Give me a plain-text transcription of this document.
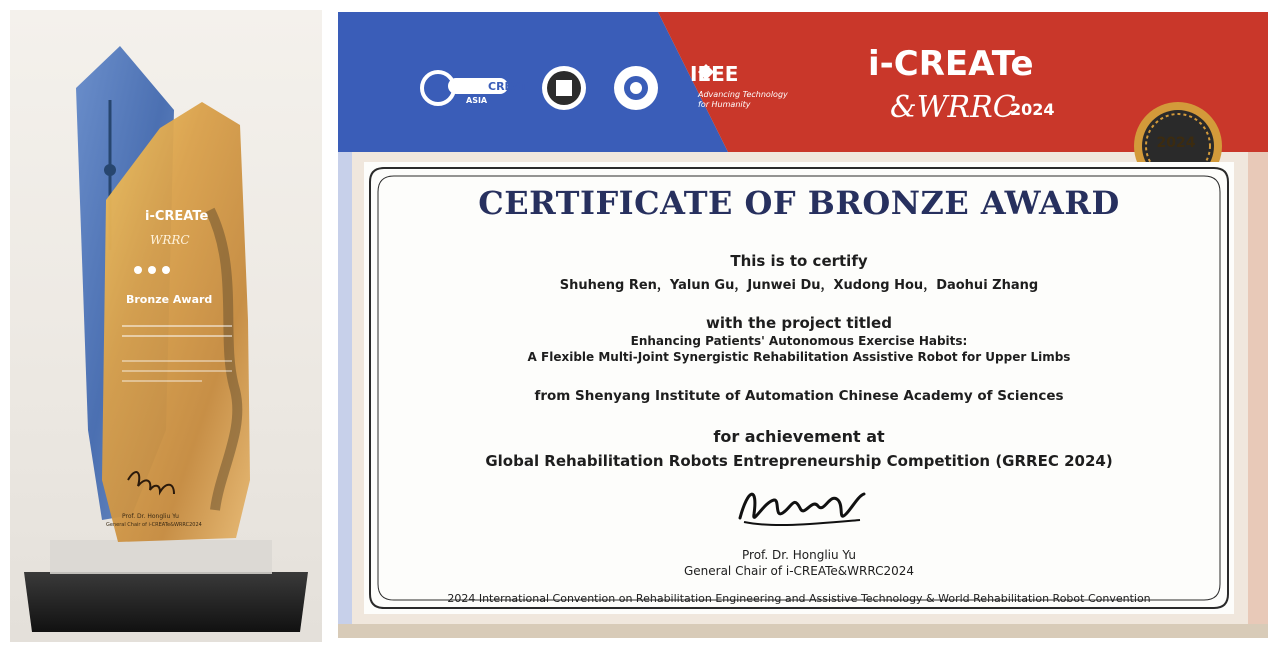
i-CREATe
WRRC
Bronze Award
Prof. Dr. Hongliu Yu
General Chair of i-CREATe&WRRC2024
CREAT
ASIA
IEEE
Advancing Technology for Humanity
i-CREATe
&WRRC
2024
2024
CERTIFICATE OF BRONZE AWARD
This is to certify
Shuheng Ren，Yalun Gu，Junwei Du，Xudong Hou，Daohui Zhang
with the project titled
Enhancing Patients' Autonomous Exercise Habits:
A Flexible Multi-Joint Synergistic Rehabilitation Assistive Robot for Upper Limbs
from Shenyang Institute of Automation Chinese Academy of Sciences
for achievement at
Global Rehabilitation Robots Entrepreneurship Competition (GRREC 2024)
Prof. Dr. Hongliu Yu
General Chair of i-CREATe&WRRC2024
2024 International Convention on Rehabilitation Engineering and Assistive Technology & World Rehabilitation Robot Convention
